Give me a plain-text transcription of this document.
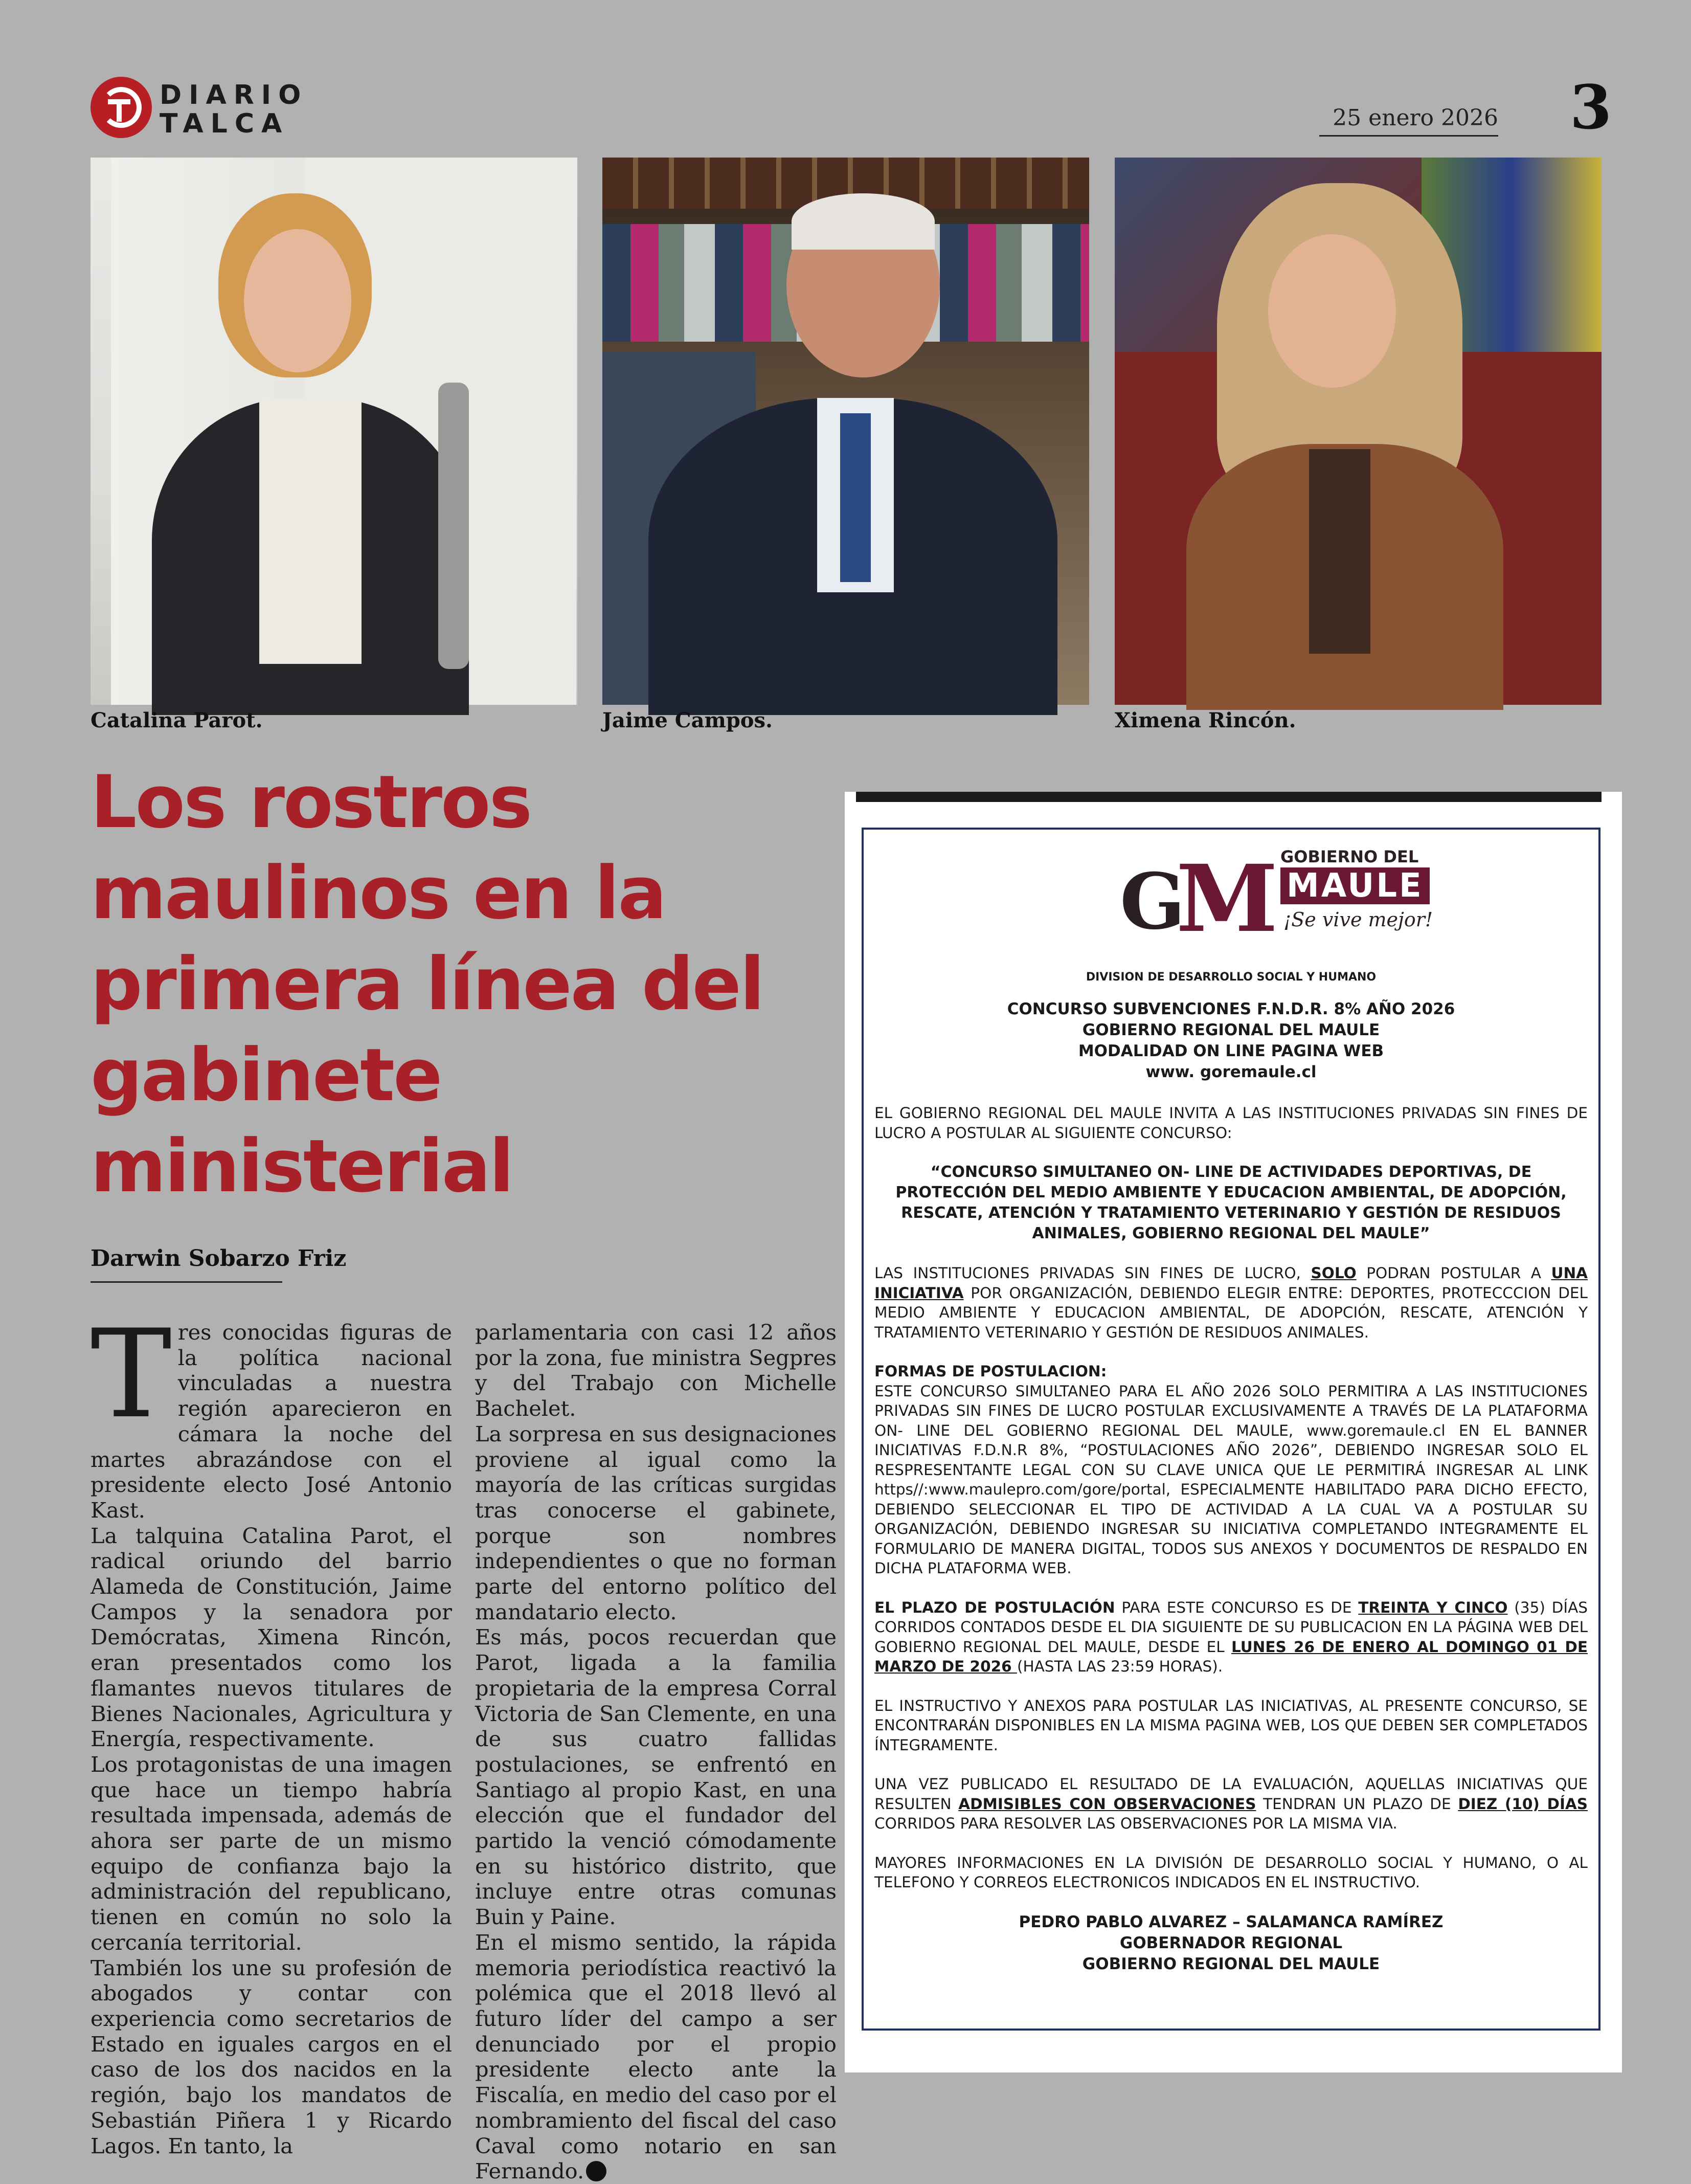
DIARIO
TALCA	25 enero 2026 3
Catalina Parot.	Jaime Campos.	Ximena Rincón.
Los rostros maulinos en la primera línea del gabinete ministerial
Darwin Sobarzo Friz

Tres conocidas figuras de la política nacional vinculadas a nuestra región aparecieron en cámara la noche del martes abrazándose con el presidente electo José Antonio Kast.

La talquina Catalina Parot, el radical oriundo del barrio Alameda de Constitución, Jaime Campos y la senadora por Demócratas, Ximena Rincón, eran presentados como los flamantes nuevos titulares de Bienes Nacionales, Agricultura y Energía, respectivamente.

Los protagonistas de una imagen que hace un tiempo habría resultada impensada, además de ahora ser parte de un mismo equipo de confianza bajo la administración del republicano, tienen en común no solo la cercanía territorial.

También los une su profesión de abogados y contar con experiencia como secretarios de Estado en iguales cargos en el caso de los dos nacidos en la región, bajo los mandatos de Sebastián Piñera 1 y Ricardo Lagos. En tanto, la

parlamentaria con casi 12 años por la zona, fue ministra Segpres y del Trabajo con Michelle Bachelet.

La sorpresa en sus designaciones proviene al igual como la mayoría de las críticas surgidas tras conocerse el gabinete, porque son nombres independientes o que no forman parte del entorno político del mandatario electo.

Es más, pocos recuerdan que Parot, ligada a la familia propietaria de la empresa Corral Victoria de San Clemente, en una de sus cuatro fallidas postulaciones, se enfrentó en Santiago al propio Kast, en una elección que el fundador del partido la venció cómodamente en su histórico distrito, que incluye entre otras comunas Buin y Paine.

En el mismo sentido, la rápida memoria periodística reactivó la polémica que el 2018 llevó al futuro líder del campo a ser denunciado por el propio presidente electo ante la Fiscalía, en medio del caso por el nombramiento del fiscal del caso Caval como notario en san Fernando.

G
M GOBIERNO DEL
MAULE
¡Se vive mejor!
DIVISION DE DESARROLLO SOCIAL Y HUMANO
CONCURSO SUBVENCIONES F.N.D.R. 8% AÑO 2026
GOBIERNO REGIONAL DEL MAULE
MODALIDAD ON LINE PAGINA WEB
www. goremaule.cl

EL GOBIERNO REGIONAL DEL MAULE INVITA A LAS INSTITUCIONES PRIVADAS SIN FINES DE LUCRO A POSTULAR AL SIGUIENTE CONCURSO:

“CONCURSO SIMULTANEO ON- LINE DE ACTIVIDADES DEPORTIVAS, DE PROTECCIÓN DEL MEDIO AMBIENTE Y EDUCACION AMBIENTAL, DE ADOPCIÓN, RESCATE, ATENCIÓN Y TRATAMIENTO VETERINARIO Y GESTIÓN DE RESIDUOS ANIMALES, GOBIERNO REGIONAL DEL MAULE”

LAS INSTITUCIONES PRIVADAS SIN FINES DE LUCRO, SOLO PODRAN POSTULAR A UNA INICIATIVA POR ORGANIZACIÓN, DEBIENDO ELEGIR ENTRE: DEPORTES, PROTECCCION DEL MEDIO AMBIENTE Y EDUCACION AMBIENTAL, DE ADOPCIÓN, RESCATE, ATENCIÓN Y TRATAMIENTO VETERINARIO Y GESTIÓN DE RESIDUOS ANIMALES.

FORMAS DE POSTULACION:
ESTE CONCURSO SIMULTANEO PARA EL AÑO 2026 SOLO PERMITIRA A LAS INSTITUCIONES PRIVADAS SIN FINES DE LUCRO POSTULAR EXCLUSIVAMENTE A TRAVÉS DE LA PLATAFORMA ON- LINE DEL GOBIERNO REGIONAL DEL MAULE, www.goremaule.cl EN EL BANNER INICIATIVAS F.D.N.R 8%, “POSTULACIONES AÑO 2026”, DEBIENDO INGRESAR SOLO EL RESPRESENTANTE LEGAL CON SU CLAVE UNICA QUE LE PERMITIRÁ INGRESAR AL LINK https//:www.maulepro.com/gore/portal, ESPECIALMENTE HABILITADO PARA DICHO EFECTO, DEBIENDO SELECCIONAR EL TIPO DE ACTIVIDAD A LA CUAL VA A POSTULAR SU ORGANIZACIÓN, DEBIENDO INGRESAR SU INICIATIVA COMPLETANDO INTEGRAMENTE EL FORMULARIO DE MANERA DIGITAL, TODOS SUS ANEXOS Y DOCUMENTOS DE RESPALDO EN DICHA PLATAFORMA WEB.

EL PLAZO DE POSTULACIÓN PARA ESTE CONCURSO ES DE TREINTA Y CINCO (35) DÍAS CORRIDOS CONTADOS DESDE EL DIA SIGUIENTE DE SU PUBLICACION EN LA PÁGINA WEB DEL GOBIERNO REGIONAL DEL MAULE, DESDE EL LUNES 26 DE ENERO AL DOMINGO 01 DE MARZO DE 2026 (HASTA LAS 23:59 HORAS).

EL INSTRUCTIVO Y ANEXOS PARA POSTULAR LAS INICIATIVAS, AL PRESENTE CONCURSO, SE ENCONTRARÁN DISPONIBLES EN LA MISMA PAGINA WEB, LOS QUE DEBEN SER COMPLETADOS ÍNTEGRAMENTE.

UNA VEZ PUBLICADO EL RESULTADO DE LA EVALUACIÓN, AQUELLAS INICIATIVAS QUE RESULTEN ADMISIBLES CON OBSERVACIONES TENDRAN UN PLAZO DE DIEZ (10) DÍAS CORRIDOS PARA RESOLVER LAS OBSERVACIONES POR LA MISMA VIA.

MAYORES INFORMACIONES EN LA DIVISIÓN DE DESARROLLO SOCIAL Y HUMANO, O AL TELEFONO Y CORREOS ELECTRONICOS INDICADOS EN EL INSTRUCTIVO.

PEDRO PABLO ALVAREZ – SALAMANCA RAMÍREZ
GOBERNADOR REGIONAL
GOBIERNO REGIONAL DEL MAULE
